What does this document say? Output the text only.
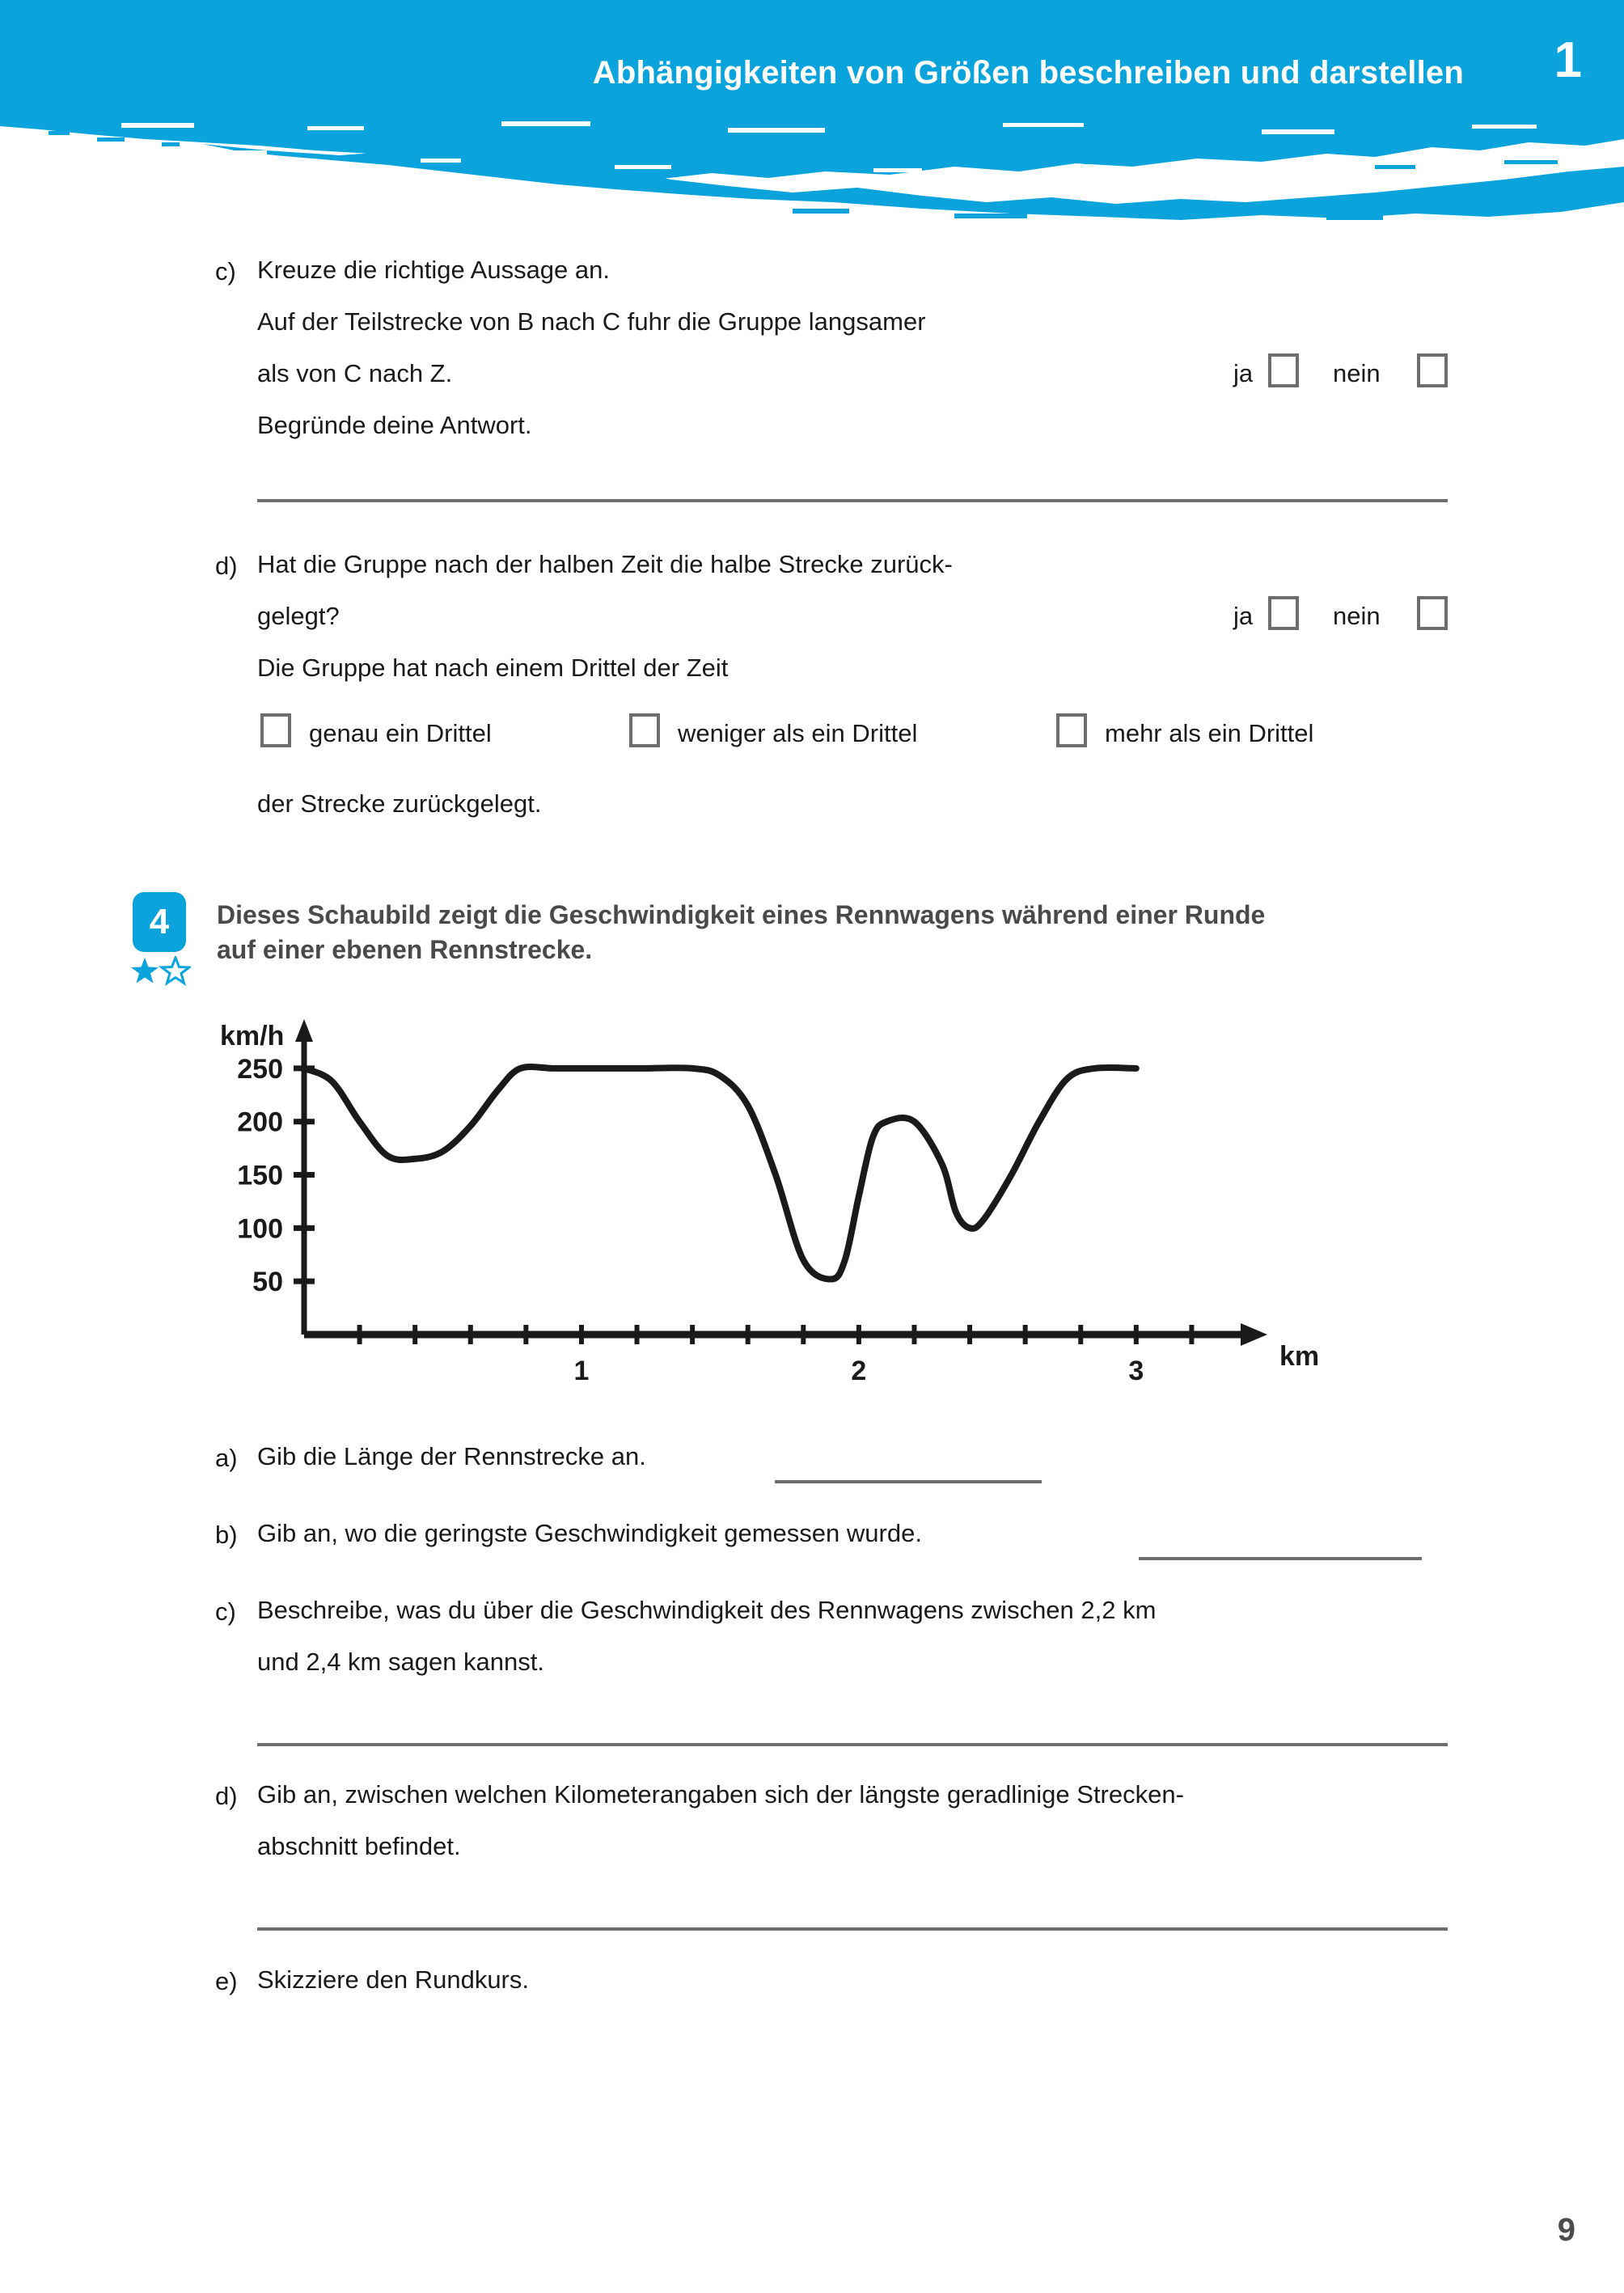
Abhängigkeiten von Größen beschreiben und darstellen 1
c) Kreuze die richtige Aussage an.
Auf der Teilstrecke von B nach C fuhr die Gruppe langsamer
als von C nach Z.
Begründe deine Antwort.
ja	nein
d) Hat die Gruppe nach der halben Zeit die halbe Strecke zurück-
gelegt?
Die Gruppe hat nach einem Drittel der Zeit
ja	nein
genau ein Drittel	weniger als ein Drittel	mehr als ein Drittel
der Strecke zurückgelegt.
4	Dieses Schaubild zeigt die Geschwindigkeit eines Rennwagens während einer Runde
auf einer ebenen Rennstrecke.
km/h
km
50
100
150
200
250
1	2	3
a) Gib die Länge der Rennstrecke an.
b) Gib an, wo die geringste Geschwindigkeit gemessen wurde.
c) Beschreibe, was du über die Geschwindigkeit des Rennwagens zwischen 2,2 km
und 2,4 km sagen kannst.
d) Gib an, zwischen welchen Kilometerangaben sich der längste geradlinige Strecken-
abschnitt befindet.
e) Skizziere den Rundkurs.
9
